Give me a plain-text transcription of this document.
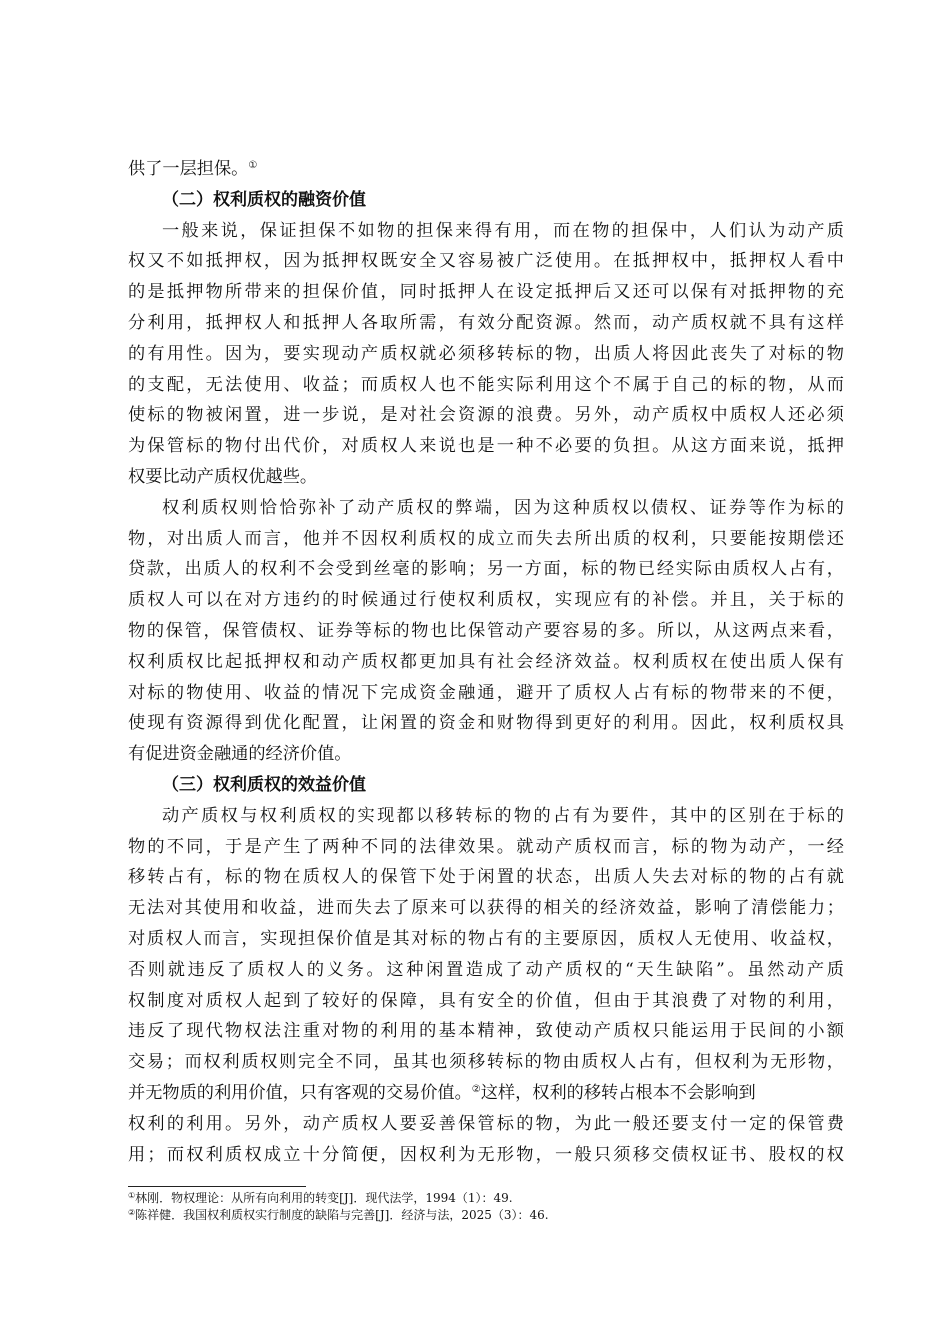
供了一层担保。①
（二）权利质权的融资价值
一般来说，保证担保不如物的担保来得有用，而在物的担保中，人们认为动产质
权又不如抵押权，因为抵押权既安全又容易被广泛使用。在抵押权中，抵押权人看中
的是抵押物所带来的担保价值，同时抵押人在设定抵押后又还可以保有对抵押物的充
分利用，抵押权人和抵押人各取所需，有效分配资源。然而，动产质权就不具有这样
的有用性。因为，要实现动产质权就必须移转标的物，出质人将因此丧失了对标的物
的支配，无法使用、收益；而质权人也不能实际利用这个不属于自己的标的物，从而
使标的物被闲置，进一步说，是对社会资源的浪费。另外，动产质权中质权人还必须
为保管标的物付出代价，对质权人来说也是一种不必要的负担。从这方面来说，抵押
权要比动产质权优越些。
权利质权则恰恰弥补了动产质权的弊端，因为这种质权以债权、证券等作为标的
物，对出质人而言，他并不因权利质权的成立而失去所出质的权利，只要能按期偿还
贷款，出质人的权利不会受到丝毫的影响；另一方面，标的物已经实际由质权人占有，
质权人可以在对方违约的时候通过行使权利质权，实现应有的补偿。并且，关于标的
物的保管，保管债权、证券等标的物也比保管动产要容易的多。所以，从这两点来看，
权利质权比起抵押权和动产质权都更加具有社会经济效益。权利质权在使出质人保有
对标的物使用、收益的情况下完成资金融通，避开了质权人占有标的物带来的不便，
使现有资源得到优化配置，让闲置的资金和财物得到更好的利用。因此，权利质权具
有促进资金融通的经济价值。
（三）权利质权的效益价值
动产质权与权利质权的实现都以移转标的物的占有为要件，其中的区别在于标的
物的不同，于是产生了两种不同的法律效果。就动产质权而言，标的物为动产，一经
移转占有，标的物在质权人的保管下处于闲置的状态，出质人失去对标的物的占有就
无法对其使用和收益，进而失去了原来可以获得的相关的经济效益，影响了清偿能力；
对质权人而言，实现担保价值是其对标的物占有的主要原因，质权人无使用、收益权，
否则就违反了质权人的义务。这种闲置造成了动产质权的“天生缺陷”。虽然动产质
权制度对质权人起到了较好的保障，具有安全的价值，但由于其浪费了对物的利用，
违反了现代物权法注重对物的利用的基本精神，致使动产质权只能运用于民间的小额
交易；而权利质权则完全不同，虽其也须移转标的物由质权人占有，但权利为无形物，
并无物质的利用价值，只有客观的交易价值。②这样，权利的移转占根本不会影响到
权利的利用。另外，动产质权人要妥善保管标的物，为此一般还要支付一定的保管费
用；而权利质权成立十分简便，因权利为无形物，一般只须移交债权证书、股权的权
①林刚．物权理论：从所有向利用的转变[J]．现代法学，1994（1）：49.
②陈祥健．我国权利质权实行制度的缺陷与完善[J]．经济与法，2025（3）：46.
